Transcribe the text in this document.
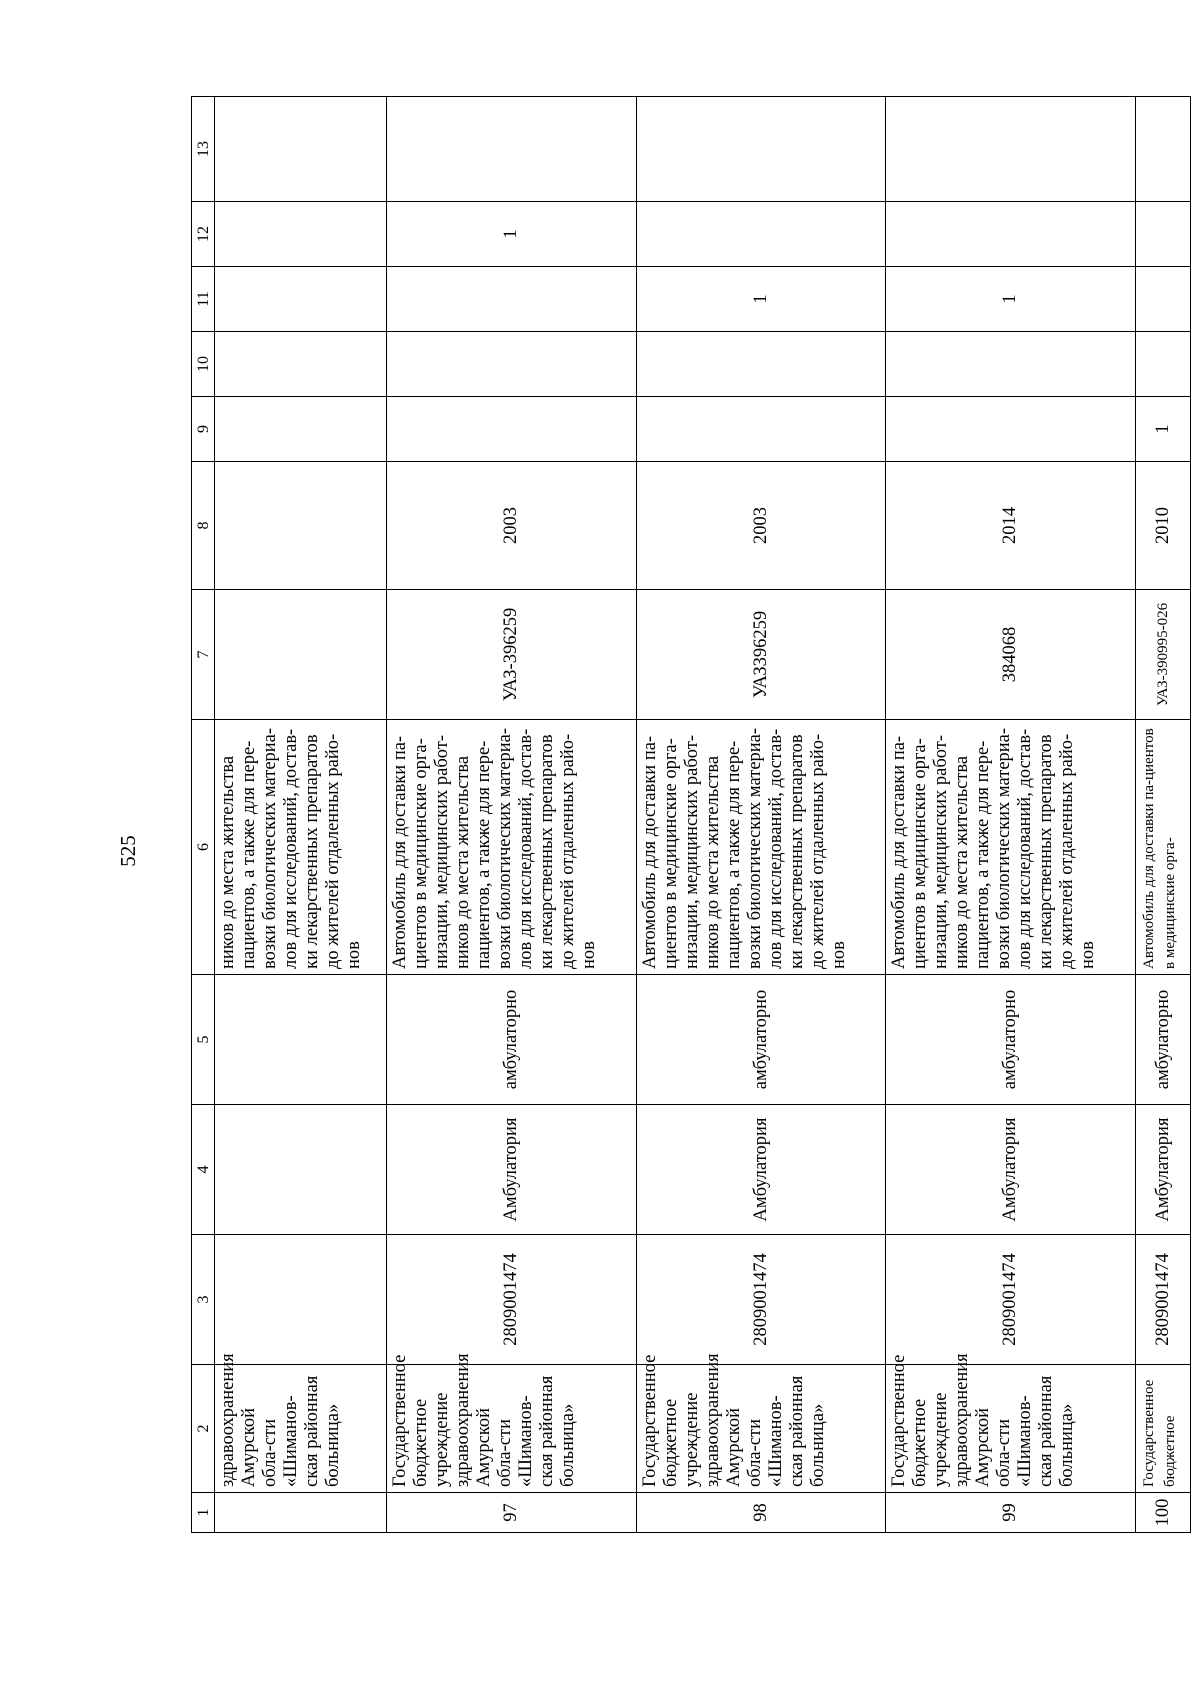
525
1	2	3	4	5	6	7	8	9	10	11	12	13
	здравоохранения Амурской обла-сти «Шиманов-ская районная больница»				ников до места жительства пациентов, а также для пере-возки биологических материа-лов для исследований, достав-ки лекарственных препаратов до жителей отдаленных райо-нов							
97	Государственное бюджетное учреждение здравоохранения Амурской обла-сти «Шиманов-ская районная больница»	2809001474	Амбулатория	амбулаторно	Автомобиль для доставки па-циентов в медицинские орга-низации, медицинских работ-ников до места жительства пациентов, а также для пере-возки биологических материа-лов для исследований, достав-ки лекарственных препаратов до жителей отдаленных райо-нов	УАЗ-396259	2003				1	
98	Государственное бюджетное учреждение здравоохранения Амурской обла-сти «Шиманов-ская районная больница»	2809001474	Амбулатория	амбулаторно	Автомобиль для доставки па-циентов в медицинские орга-низации, медицинских работ-ников до места жительства пациентов, а также для пере-возки биологических материа-лов для исследований, достав-ки лекарственных препаратов до жителей отдаленных райо-нов	УАЗ396259	2003			1		
99	Государственное бюджетное учреждение здравоохранения Амурской обла-сти «Шиманов-ская районная больница»	2809001474	Амбулатория	амбулаторно	Автомобиль для доставки па-циентов в медицинские орга-низации, медицинских работ-ников до места жительства пациентов, а также для пере-возки биологических материа-лов для исследований, достав-ки лекарственных препаратов до жителей отдаленных райо-нов	384068	2014			1		
100	Государственное бюджетное	2809001474	Амбулатория	амбулаторно	Автомобиль для доставки па-циентов в медицинские орга-	УАЗ-390995-026	2010	1				
